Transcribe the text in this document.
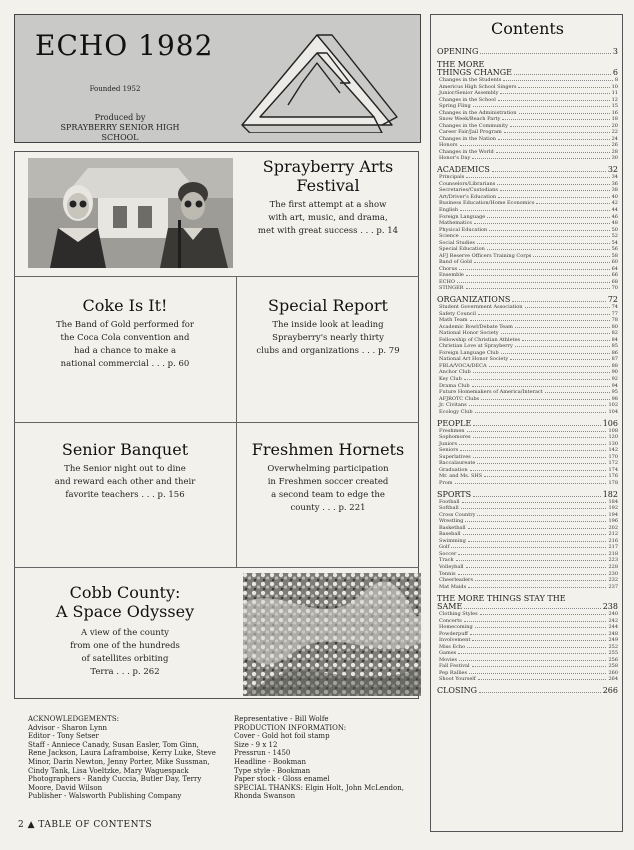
ECHO 1982
Founded 1952
Produced by
SPRAYBERRY SENIOR HIGH
SCHOOL
Sprayberry Arts
Festival
The first attempt at a show
with art, music, and drama,
met with great success . . . p. 14
Coke Is It!
The Band of Gold performed for
the Coca Cola convention and
had a chance to make a
national commercial . . . p. 60
Special Report
The inside look at leading
Sprayberry's nearly thirty
clubs and organizations . . . p. 79
Senior Banquet
The Senior night out to dine
and reward each other and their
favorite teachers . . . p. 156
Freshmen Hornets
Overwhelming participation
in Freshmen soccer created
a second team to edge the
county . . . p. 221
Cobb County:
A Space Odyssey
A view of the county
from one of the hundreds
of satellites orbiting
Terra . . . p. 262
ACKNOWLEDGEMENTS:
Advisor - Sharon Lynn
Editor - Tony Setser
Staff - Anniece Canady, Susan Easler, Tom Ginn,
Rene Jackson, Laura Laframboise, Kerry Luke, Steve
Minor, Darin Newton, Jenny Porter, Mike Sussman,
Cindy Tank, Lisa Voeltzke, Mary Waguespack
Photographers - Randy Cuccia, Butler Day, Terry
Moore, David Wilson
Publisher - Walsworth Publishing Company
Representative - Bill Wolfe
PRODUCTION INFORMATION:
Cover - Gold hot foil stamp
Size - 9 x 12
Pressrun - 1450
Headline - Bookman
Type style - Bookman
Paper stock - Gloss enamel
SPECIAL THANKS: Elgin Holt, John McLendon,
Rhonda Swanson
2 ▲ TABLE OF CONTENTS
Contents
OPENING	3
THE MORE
THINGS CHANGE	6
Changes in the Students	8
Americus High School Singers	10
Junior/Senior Assembly	11
Changes in the School	12
Spring Fling	15
Changes in the Administration	16
Snow Week/Beach Party	18
Changes in the Community	20
Career Fair/Jail Program	22
Changes in the Nation	24
Honors	26
Changes in the World	28
Honor's Day	30
ACADEMICS	32
Principals	34
Counselors/Librarians	36
Secretaries/Custodians	38
Art/Driver's Education	40
Business Education/Home Economics	42
English	44
Foreign Language	46
Mathematics	48
Physical Education	50
Science	52
Social Studies	54
Special Education	56
AFJ Reserve Officers Training Corps	58
Band of Gold	60
Chorus	64
Ensemble	66
ECHO	68
STINGER	70
ORGANIZATIONS	72
Student Government Association	74
Safety Council	77
Math Team	78
Academic Bowl/Debate Team	80
National Honor Society	82
Fellowship of Christian Athletes	84
Christian Love at Sprayberry	85
Foreign Language Club	86
National Art Honor Society	87
FBLA/VOCA/DECA	88
Anchor Club	90
Key Club	92
Drama Club	94
Future Homemakers of America/Interact	95
AFJROTC Clubs	98
Jr. Civitans	102
Ecology Club	104
PEOPLE	106
Freshmen	108
Sophomores	120
Juniors	130
Seniors	142
Superlatives	170
Baccalaureate	172
Graduation	174
Mr. and Ms. SHS	176
Prom	178
SPORTS	182
Football	184
Softball	192
Cross Country	194
Wrestling	196
Basketball	202
Baseball	212
Swimming	216
Golf	217
Soccer	218
Track	223
Volleyball	228
Tennis	230
Cheerleaders	232
Mat Maids	237
THE MORE THINGS STAY THE
SAME	238
Clothing Styles	240
Concerts	242
Homecoming	244
Powderpuff	248
Involvement	249
Miss Echo	252
Games	255
Movies	256
Fall Festival	258
Pep Rallies	260
Shoot Yourself	264
CLOSING	266
